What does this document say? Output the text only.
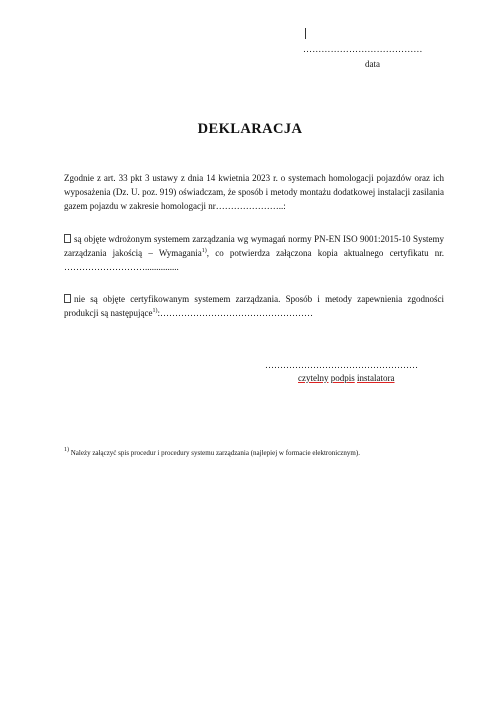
…………………………………
data
DEKLARACJA
Zgodnie z art. 33 pkt 3 ustawy z dnia 14 kwietnia 2023 r. o systemach homologacji pojazdów oraz ich wyposażenia (Dz. U. poz. 919) oświadczam, że sposób i metody montażu dodatkowej instalacji zasilania gazem pojazdu w zakresie homologacji nr…………………..:
są objęte wdrożonym systemem zarządzania wg wymagań normy PN-EN ISO 9001:2015-10 Systemy zarządzania jakością – Wymagania$^{1)}$, co potwierdza załączona kopia aktualnego certyfikatu nr. ………………………...............
nie są objęte certyfikowanym systemem zarządzania. Sposób i metody zapewnienia zgodności produkcji są następujące$^{1)}$:……………………………………………
……………………………………………
czytelny podpis instalatora
$^{1)}$ Należy załączyć spis procedur i procedury systemu zarządzania (najlepiej w formacie elektronicznym).
